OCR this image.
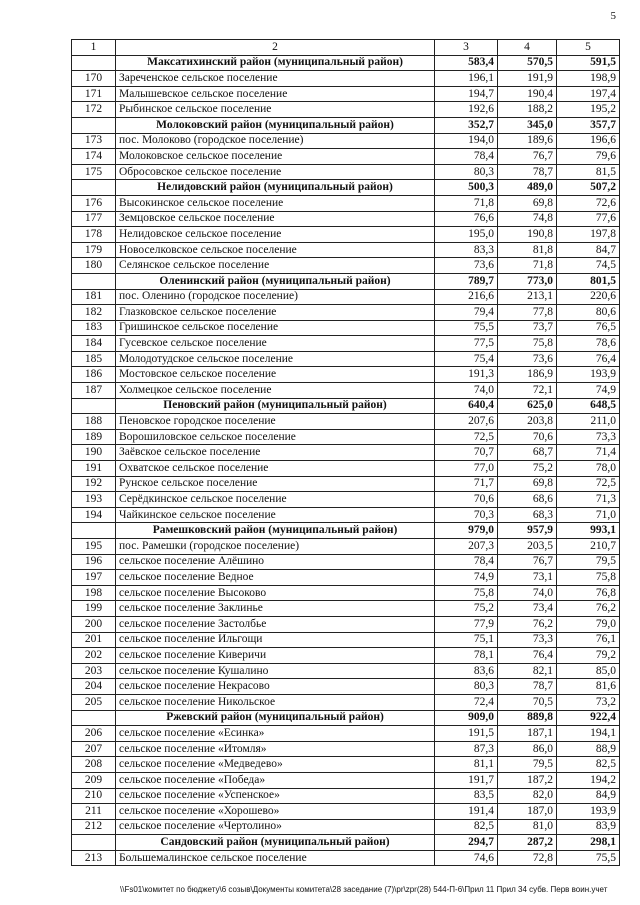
5
1	2	3	4	5
	Максатихинский район (муниципальный район)	583,4	570,5	591,5
170	Зареченское сельское поселение	196,1	191,9	198,9
171	Малышевское сельское поселение	194,7	190,4	197,4
172	Рыбинское сельское поселение	192,6	188,2	195,2
	Молоковский район (муниципальный район)	352,7	345,0	357,7
173	пос. Молоково (городское поселение)	194,0	189,6	196,6
174	Молоковское сельское поселение	78,4	76,7	79,6
175	Обросовское сельское поселение	80,3	78,7	81,5
	Нелидовский район (муниципальный район)	500,3	489,0	507,2
176	Высокинское сельское поселение	71,8	69,8	72,6
177	Земцовское сельское поселение	76,6	74,8	77,6
178	Нелидовское сельское поселение	195,0	190,8	197,8
179	Новоселковское сельское поселение	83,3	81,8	84,7
180	Селянское сельское поселение	73,6	71,8	74,5
	Оленинский район (муниципальный район)	789,7	773,0	801,5
181	пос. Оленино (городское поселение)	216,6	213,1	220,6
182	Глазковское сельское поселение	79,4	77,8	80,6
183	Гришинское сельское поселение	75,5	73,7	76,5
184	Гусевское сельское поселение	77,5	75,8	78,6
185	Молодотудское сельское поселение	75,4	73,6	76,4
186	Мостовское сельское поселение	191,3	186,9	193,9
187	Холмецкое сельское поселение	74,0	72,1	74,9
	Пеновский район (муниципальный район)	640,4	625,0	648,5
188	Пеновское городское поселение	207,6	203,8	211,0
189	Ворошиловское сельское поселение	72,5	70,6	73,3
190	Заёвское сельское поселение	70,7	68,7	71,4
191	Охватское сельское поселение	77,0	75,2	78,0
192	Рунское сельское поселение	71,7	69,8	72,5
193	Серёдкинское сельское поселение	70,6	68,6	71,3
194	Чайкинское сельское поселение	70,3	68,3	71,0
	Рамешковский район (муниципальный район)	979,0	957,9	993,1
195	пос. Рамешки (городское поселение)	207,3	203,5	210,7
196	сельское поселение Алёшино	78,4	76,7	79,5
197	сельское поселение Ведное	74,9	73,1	75,8
198	сельское поселение Высоково	75,8	74,0	76,8
199	сельское поселение Заклинье	75,2	73,4	76,2
200	сельское поселение Застолбье	77,9	76,2	79,0
201	сельское поселение Ильгощи	75,1	73,3	76,1
202	сельское поселение Киверичи	78,1	76,4	79,2
203	сельское поселение Кушалино	83,6	82,1	85,0
204	сельское поселение Некрасово	80,3	78,7	81,6
205	сельское поселение Никольское	72,4	70,5	73,2
	Ржевский район (муниципальный район)	909,0	889,8	922,4
206	сельское поселение «Есинка»	191,5	187,1	194,1
207	сельское поселение «Итомля»	87,3	86,0	88,9
208	сельское поселение «Медведево»	81,1	79,5	82,5
209	сельское поселение «Победа»	191,7	187,2	194,2
210	сельское поселение «Успенское»	83,5	82,0	84,9
211	сельское поселение «Хорошево»	191,4	187,0	193,9
212	сельское поселение «Чертолино»	82,5	81,0	83,9
	Сандовский район (муниципальный район)	294,7	287,2	298,1
213	Большемалинское сельское поселение	74,6	72,8	75,5
\\Fs01\комитет по бюджету\6 созыв\Документы комитета\28 заседание (7)\pr\zpr(28) 544-П-6\Прил 11 Прил 34 субв. Перв воин.учет
